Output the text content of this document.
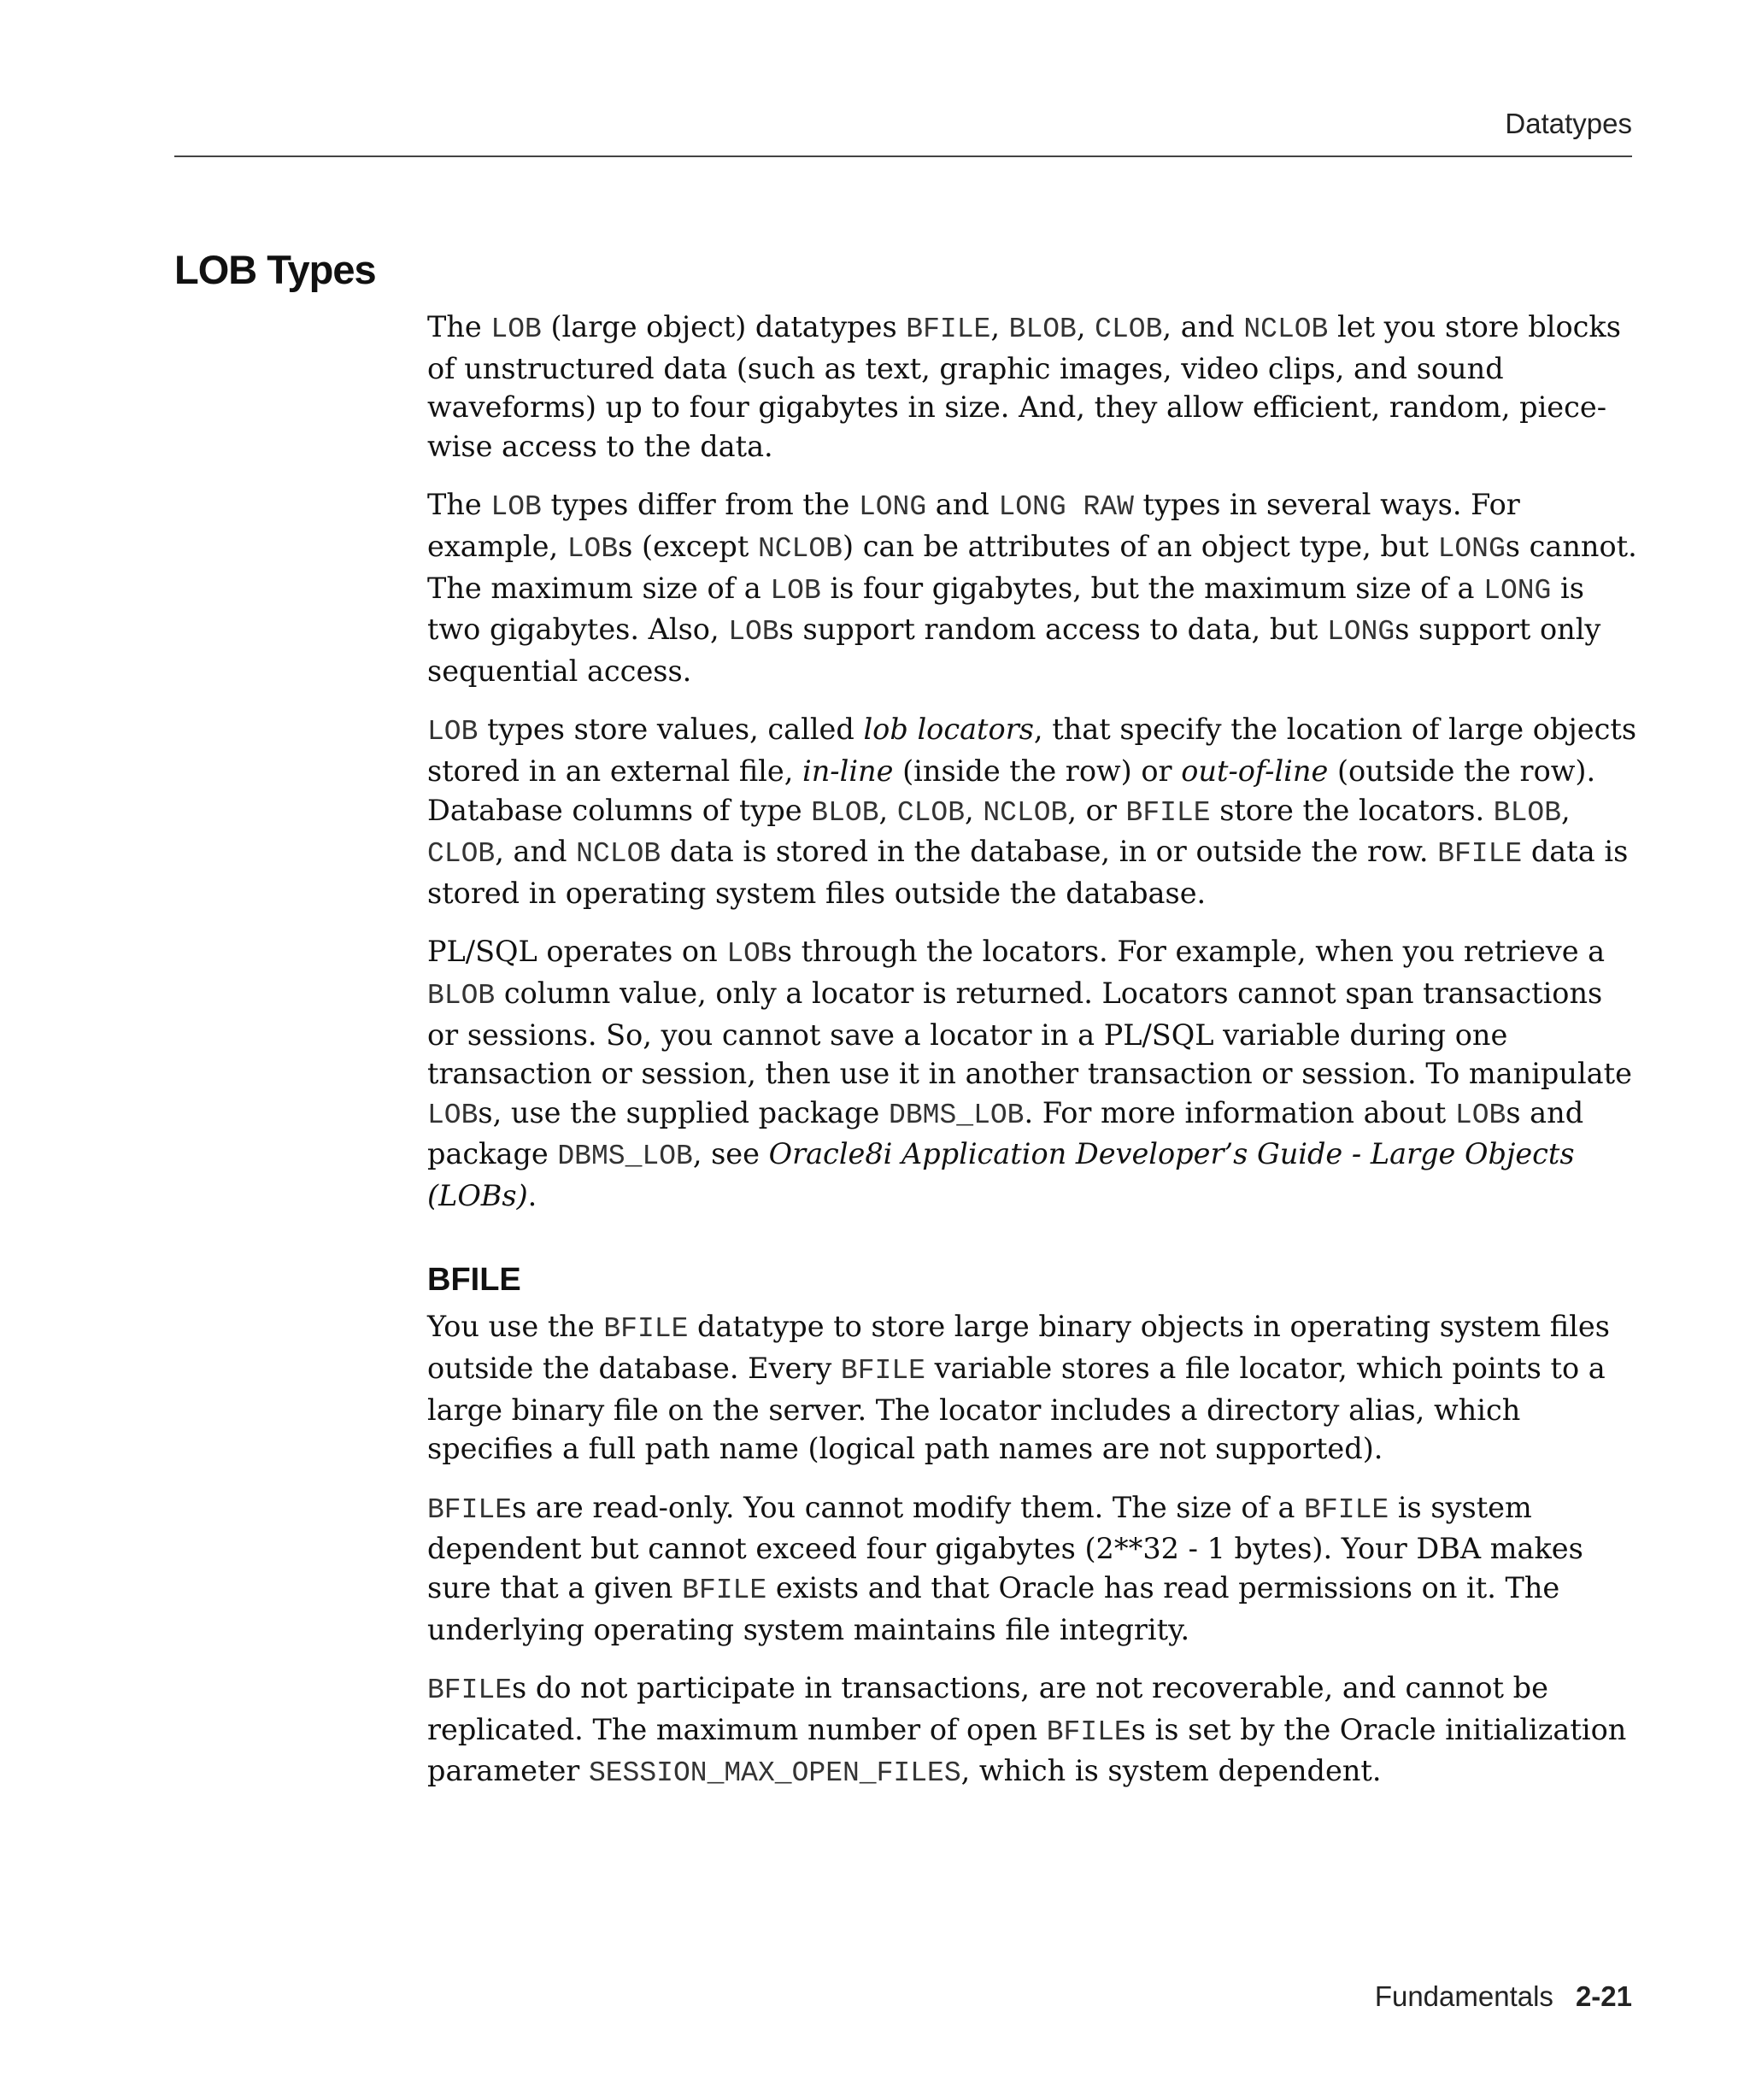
Datatypes
LOB Types

The LOB (large object) datatypes BFILE, BLOB, CLOB, and NCLOB let you store blocks of unstructured data (such as text, graphic images, video clips, and sound waveforms) up to four gigabytes in size. And, they allow efficient, random, piece-wise access to the data.

The LOB types differ from the LONG and LONG RAW types in several ways. For example, LOBs (except NCLOB) can be attributes of an object type, but LONGs cannot. The maximum size of a LOB is four gigabytes, but the maximum size of a LONG is two gigabytes. Also, LOBs support random access to data, but LONGs support only sequential access.

LOB types store values, called lob locators, that specify the location of large objects stored in an external file, in-line (inside the row) or out-of-line (outside the row). Database columns of type BLOB, CLOB, NCLOB, or BFILE store the locators. BLOB, CLOB, and NCLOB data is stored in the database, in or outside the row. BFILE data is stored in operating system files outside the database.

PL/SQL operates on LOBs through the locators. For example, when you retrieve a BLOB column value, only a locator is returned. Locators cannot span transactions or sessions. So, you cannot save a locator in a PL/SQL variable during one transaction or session, then use it in another transaction or session. To manipulate LOBs, use the supplied package DBMS_LOB. For more information about LOBs and package DBMS_LOB, see Oracle8i Application Developer’s Guide - Large Objects (LOBs).

BFILE

You use the BFILE datatype to store large binary objects in operating system files outside the database. Every BFILE variable stores a file locator, which points to a large binary file on the server. The locator includes a directory alias, which specifies a full path name (logical path names are not supported).

BFILEs are read-only. You cannot modify them. The size of a BFILE is system dependent but cannot exceed four gigabytes (2**32 - 1 bytes). Your DBA makes sure that a given BFILE exists and that Oracle has read permissions on it. The underlying operating system maintains file integrity.

BFILEs do not participate in transactions, are not recoverable, and cannot be replicated. The maximum number of open BFILEs is set by the Oracle initialization parameter SESSION_MAX_OPEN_FILES, which is system dependent.

Fundamentals 2-21
